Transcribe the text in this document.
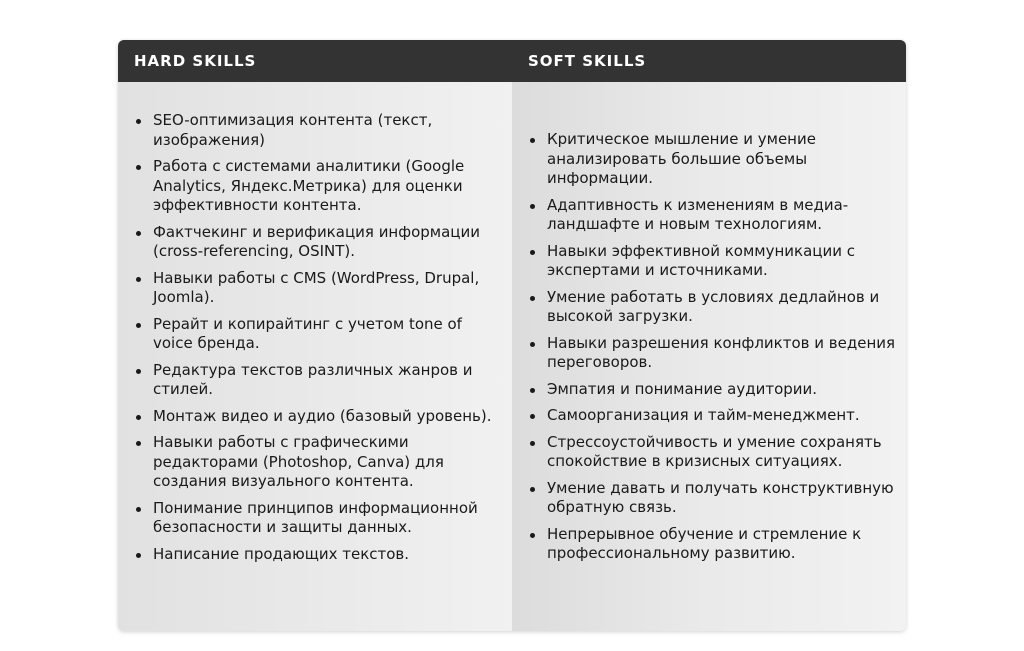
HARD SKILLS	SOFT SKILLS
SEO-оптимизация контента (текст, изображения)
Работа с системами аналитики (Google Analytics, Яндекс.Метрика) для оценки эффективности контента.
Фактчекинг и верификация информации (cross-referencing, OSINT).
Навыки работы с CMS (WordPress, Drupal, Joomla).
Рерайт и копирайтинг с учетом tone of voice бренда.
Редактура текстов различных жанров и стилей.
Монтаж видео и аудио (базовый уровень).
Навыки работы с графическими редакторами (Photoshop, Canva) для создания визуального контента.
Понимание принципов информационной безопасности и защиты данных.
Написание продающих текстов.
Критическое мышление и умение анализировать большие объемы информации.
Адаптивность к изменениям в медиа-ландшафте и новым технологиям.
Навыки эффективной коммуникации с экспертами и источниками.
Умение работать в условиях дедлайнов и высокой загрузки.
Навыки разрешения конфликтов и ведения переговоров.
Эмпатия и понимание аудитории.
Самоорганизация и тайм-менеджмент.
Стрессоустойчивость и умение сохранять спокойствие в кризисных ситуациях.
Умение давать и получать конструктивную обратную связь.
Непрерывное обучение и стремление к профессиональному развитию.
